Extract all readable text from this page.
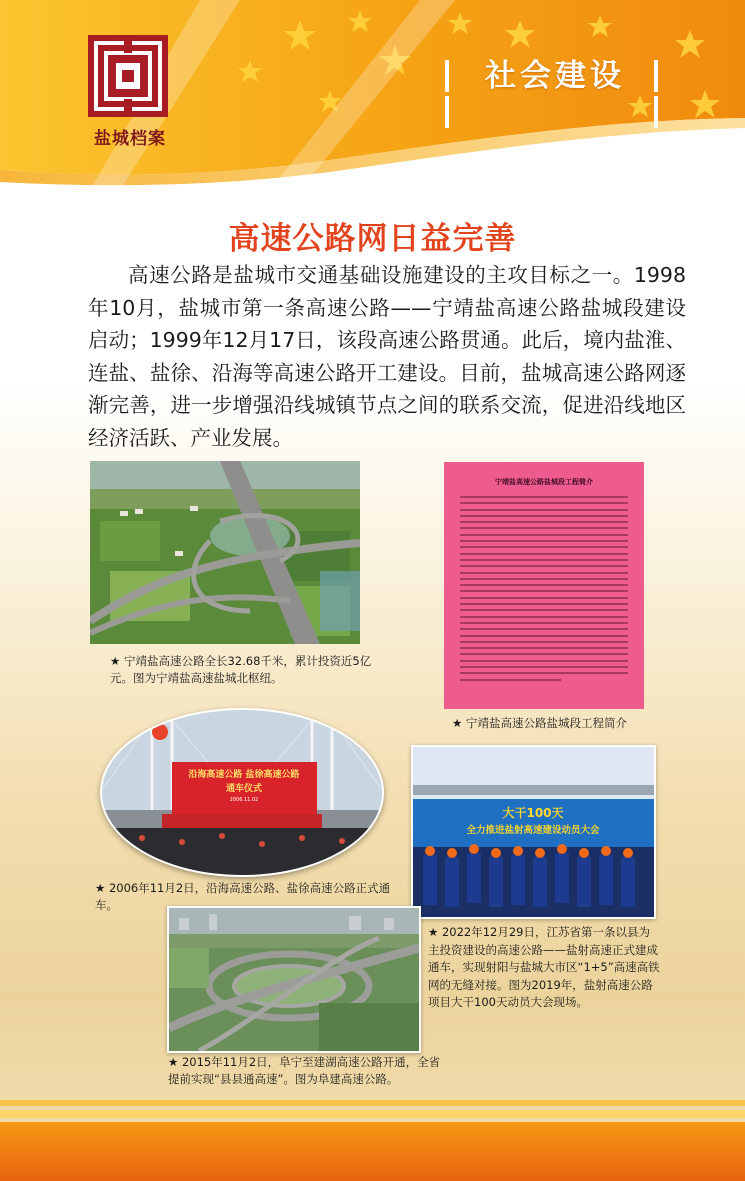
盐城档案
社会建设
高速公路网日益完善
高速公路是盐城市交通基础设施建设的主攻目标之一。1998年10月，盐城市第一条高速公路——宁靖盐高速公路盐城段建设启动；1999年12月17日，该段高速公路贯通。此后，境内盐淮、连盐、盐徐、沿海等高速公路开工建设。目前，盐城高速公路网逐渐完善，进一步增强沿线城镇节点之间的联系交流，促进沿线地区经济活跃、产业发展。
★ 宁靖盐高速公路全长32.68千米，累计投资近5亿元。图为宁靖盐高速盐城北枢纽。
宁靖盐高速公路盐城段工程简介
★ 宁靖盐高速公路盐城段工程简介
沿海高速公路 盐徐高速公路
通车仪式
2006.11.02
★ 2006年11月2日，沿海高速公路、盐徐高速公路正式通车。
大干100天
全力推进盐射高速建设动员大会
★ 2022年12月29日，江苏省第一条以县为主投资建设的高速公路——盐射高速正式建成通车，实现射阳与盐城大市区“1+5”高速高铁网的无缝对接。图为2019年，盐射高速公路项目大干100天动员大会现场。
★ 2015年11月2日，阜宁至建湖高速公路开通，全省提前实现“县县通高速”。图为阜建高速公路。
